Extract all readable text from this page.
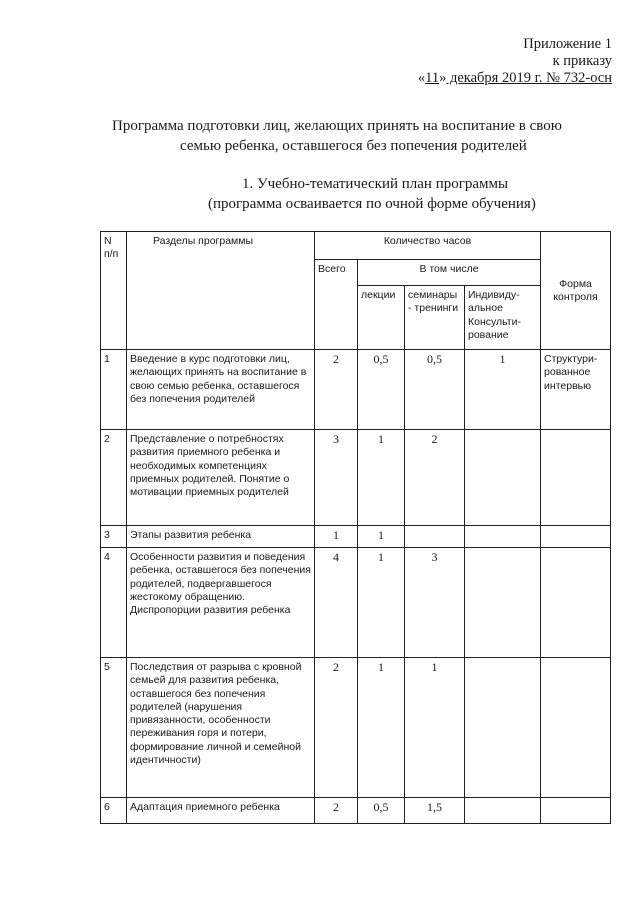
Приложение 1
к приказу
«11» декабря 2019 г. № 732-осн
Программа подготовки лиц, желающих принять на воспитание в свою
семью ребенка, оставшегося без попечения родителей
1. Учебно-тематический план программы
(программа осваивается по очной форме обучения)
N п/п	Разделы программы	Количество часов				Форма контроля
		Всего	В том числе			
			лекции	семинары - тренинги	Индивиду-альное Консульти-рование	
1	Введение в курс подготовки лиц, желающих принять на воспитание в свою семью ребенка, оставшегося без попечения родителей	2	0,5	0,5	1	Структури-рованное интервью
2	Представление о потребностях развития приемного ребенка и необходимых компетенциях приемных родителей. Понятие о мотивации приемных родителей	3	1	2		
3	Этапы развития ребенка	1	1			
4	Особенности развития и поведения ребенка, оставшегося без попечения родителей, подвергавшегося жестокому обращению. Диспропорции развития ребенка	4	1	3		
5	Последствия от разрыва с кровной семьей для развития ребенка, оставшегося без попечения родителей (нарушения привязанности, особенности переживания горя и потери, формирование личной и семейной идентичности)	2	1	1		
6	Адаптация приемного ребенка	2	0,5	1,5		
